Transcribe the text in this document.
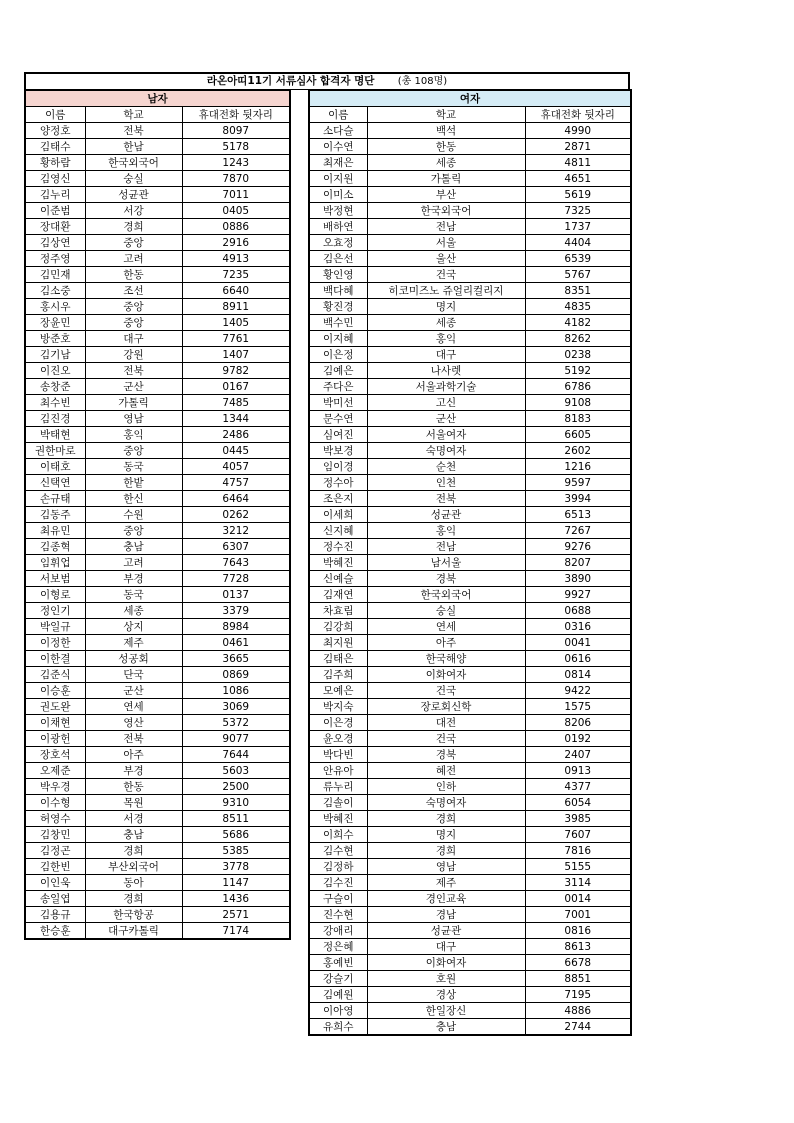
라온아띠11기 서류심사 합격자 명단 (총 108명)
남자		
이름	학교	휴대전화 뒷자리
양정호	전북	8097
김태수	한남	5178
황하람	한국외국어	1243
김영신	숭실	7870
김누리	성균관	7011
이준범	서강	0405
장대환	경희	0886
김상연	중앙	2916
정주영	고려	4913
김민재	한동	7235
김소중	조선	6640
홍시우	중앙	8911
장윤민	중앙	1405
방준호	대구	7761
김기남	강원	1407
이진오	전북	9782
송창준	군산	0167
최수빈	가톨릭	7485
김진경	영남	1344
박태현	홍익	2486
권한마로	중앙	0445
이태호	동국	4057
신택연	한밭	4757
손규태	한신	6464
김동주	수원	0262
최유민	중앙	3212
김종혁	충남	6307
임휘업	고려	7643
서보범	부경	7728
이형로	동국	0137
정인기	세종	3379
박일규	상지	8984
이정한	제주	0461
이한결	성공회	3665
김준식	단국	0869
이승훈	군산	1086
권도완	연세	3069
이채현	영산	5372
이광헌	전북	9077
장호석	아주	7644
오제준	부경	5603
박우경	한동	2500
이수형	목원	9310
허영수	서경	8511
김창민	충남	5686
김정곤	경희	5385
김한빈	부산외국어	3778
이인욱	동아	1147
송일엽	경희	1436
김용규	한국항공	2571
한승훈	대구카톨릭	7174
여자		
이름	학교	휴대전화 뒷자리
소다슬	백석	4990
이수연	한동	2871
최재은	세종	4811
이지원	가톨릭	4651
이미소	부산	5619
박정현	한국외국어	7325
배하연	전남	1737
오효정	서울	4404
김은선	울산	6539
황인영	건국	5767
백다혜	히코미즈노 쥬얼리컬리지	8351
황진경	명지	4835
백수민	세종	4182
이지혜	홍익	8262
이은정	대구	0238
김예은	나사렛	5192
주다은	서울과학기술	6786
박미선	고신	9108
문수연	군산	8183
심여진	서울여자	6605
박보경	숙명여자	2602
임이경	순천	1216
정수아	인천	9597
조은지	전북	3994
이세희	성균관	6513
신지혜	홍익	7267
정수진	전남	9276
박혜진	남서울	8207
신예슬	경북	3890
김재연	한국외국어	9927
차효림	숭실	0688
김강희	연세	0316
최지원	아주	0041
김태은	한국해양	0616
김주희	이화여자	0814
모예은	건국	9422
박지숙	장로회신학	1575
이은경	대전	8206
윤오경	건국	0192
박다빈	경북	2407
안유아	혜전	0913
류누리	인하	4377
김솔이	숙명여자	6054
박혜진	경희	3985
이희수	명지	7607
김수현	경희	7816
김정하	영남	5155
김수진	제주	3114
구슬이	경인교육	0014
진수현	경남	7001
강애리	성균관	0816
정은혜	대구	8613
홍예빈	이화여자	6678
강슬기	호원	8851
김예원	경상	7195
이아영	한일장신	4886
유희수	충남	2744
